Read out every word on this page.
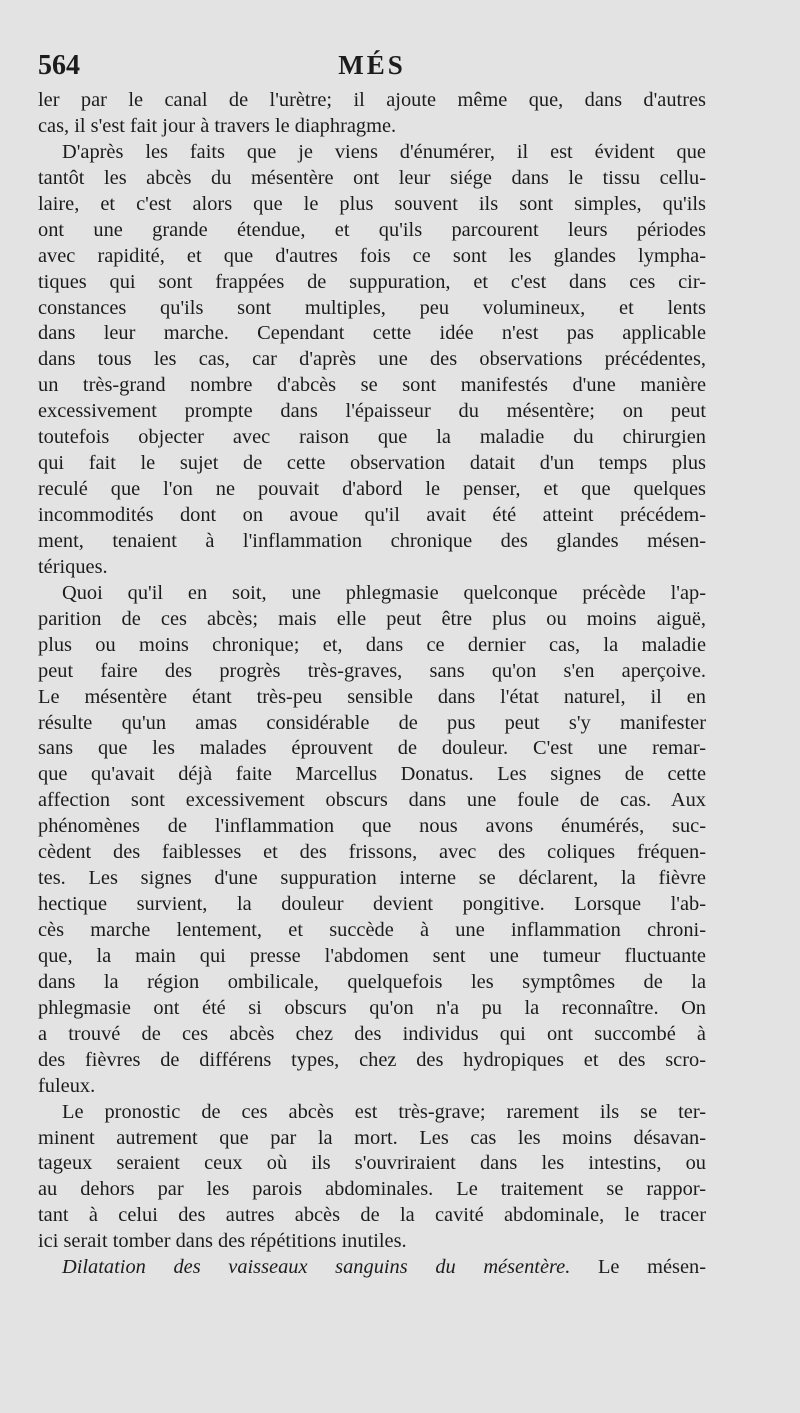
564	MÉS
ler par le canal de l'urètre; il ajoute même que, dans d'autres
cas, il s'est fait jour à travers le diaphragme.
D'après les faits que je viens d'énumérer, il est évident que
tantôt les abcès du mésentère ont leur siége dans le tissu cellu-
laire, et c'est alors que le plus souvent ils sont simples, qu'ils
ont une grande étendue, et qu'ils parcourent leurs périodes
avec rapidité, et que d'autres fois ce sont les glandes lympha-
tiques qui sont frappées de suppuration, et c'est dans ces cir-
constances qu'ils sont multiples, peu volumineux, et lents
dans leur marche. Cependant cette idée n'est pas applicable
dans tous les cas, car d'après une des observations précédentes,
un très-grand nombre d'abcès se sont manifestés d'une manière
excessivement prompte dans l'épaisseur du mésentère; on peut
toutefois objecter avec raison que la maladie du chirurgien
qui fait le sujet de cette observation datait d'un temps plus
reculé que l'on ne pouvait d'abord le penser, et que quelques
incommodités dont on avoue qu'il avait été atteint précédem-
ment, tenaient à l'inflammation chronique des glandes mésen-
tériques.
Quoi qu'il en soit, une phlegmasie quelconque précède l'ap-
parition de ces abcès; mais elle peut être plus ou moins aiguë,
plus ou moins chronique; et, dans ce dernier cas, la maladie
peut faire des progrès très-graves, sans qu'on s'en aperçoive.
Le mésentère étant très-peu sensible dans l'état naturel, il en
résulte qu'un amas considérable de pus peut s'y manifester
sans que les malades éprouvent de douleur. C'est une remar-
que qu'avait déjà faite Marcellus Donatus. Les signes de cette
affection sont excessivement obscurs dans une foule de cas. Aux
phénomènes de l'inflammation que nous avons énumérés, suc-
cèdent des faiblesses et des frissons, avec des coliques fréquen-
tes. Les signes d'une suppuration interne se déclarent, la fièvre
hectique survient, la douleur devient pongitive. Lorsque l'ab-
cès marche lentement, et succède à une inflammation chroni-
que, la main qui presse l'abdomen sent une tumeur fluctuante
dans la région ombilicale, quelquefois les symptômes de la
phlegmasie ont été si obscurs qu'on n'a pu la reconnaître. On
a trouvé de ces abcès chez des individus qui ont succombé à
des fièvres de différens types, chez des hydropiques et des scro-
fuleux.
Le pronostic de ces abcès est très-grave; rarement ils se ter-
minent autrement que par la mort. Les cas les moins désavan-
tageux seraient ceux où ils s'ouvriraient dans les intestins, ou
au dehors par les parois abdominales. Le traitement se rappor-
tant à celui des autres abcès de la cavité abdominale, le tracer
ici serait tomber dans des répétitions inutiles.
Dilatation des vaisseaux sanguins du mésentère. Le mésen-
